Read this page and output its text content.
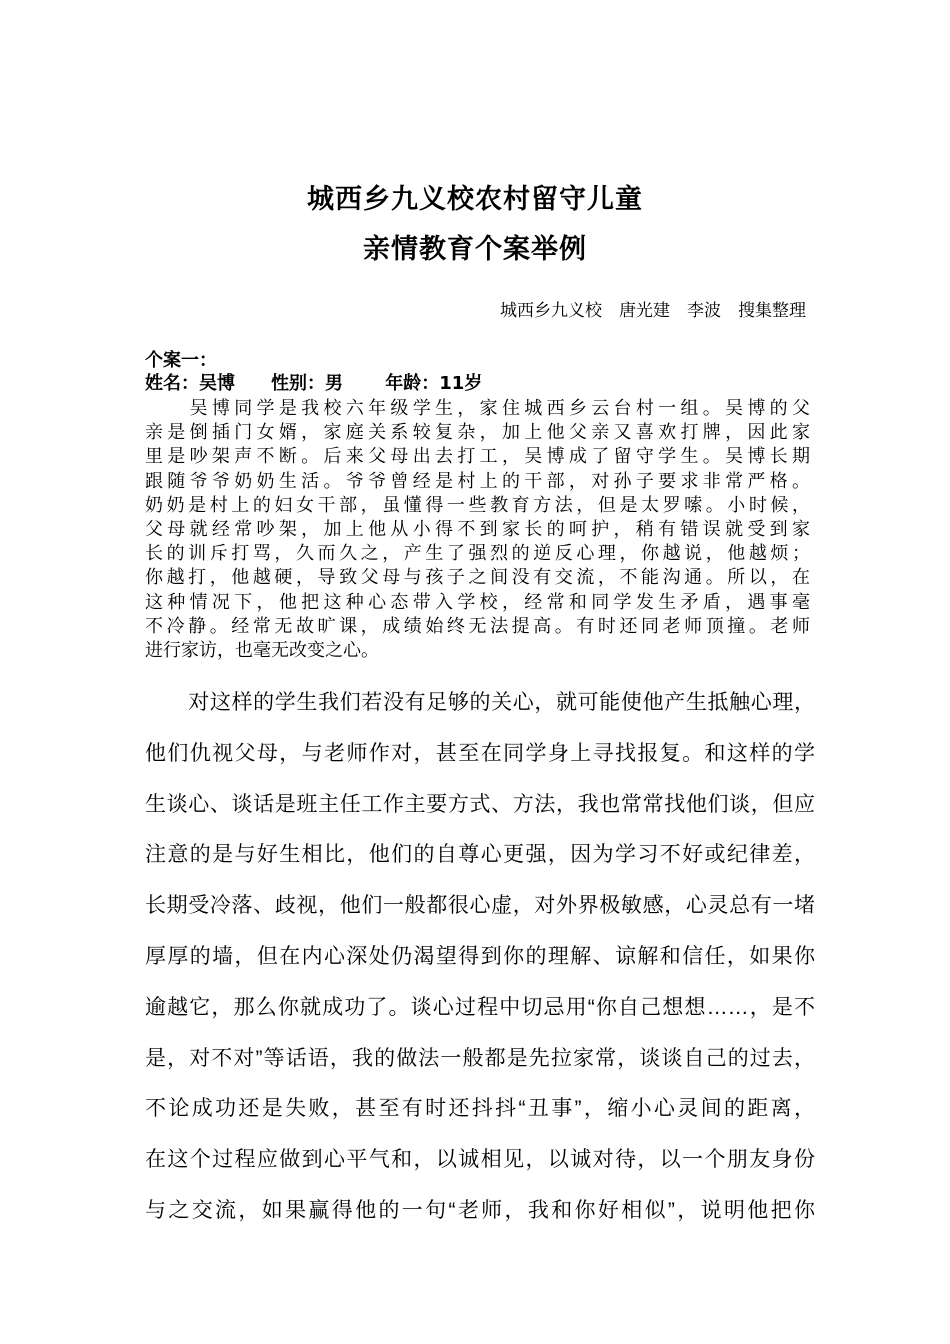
城西乡九义校农村留守儿童
亲情教育个案举例
城西乡九义校　唐光建　李波　搜集整理
个案一：
姓名：吴博　　性别：男　　 年龄：11岁
　　吴博同学是我校六年级学生，家住城西乡云台村一组。吴博的父
亲是倒插门女婿，家庭关系较复杂，加上他父亲又喜欢打牌，因此家
里是吵架声不断。后来父母出去打工，吴博成了留守学生。吴博长期
跟随爷爷奶奶生活。爷爷曾经是村上的干部，对孙子要求非常严格。
奶奶是村上的妇女干部，虽懂得一些教育方法，但是太罗嗦。小时候，
父母就经常吵架，加上他从小得不到家长的呵护，稍有错误就受到家
长的训斥打骂，久而久之，产生了强烈的逆反心理，你越说，他越烦；
你越打，他越硬，导致父母与孩子之间没有交流，不能沟通。所以，在
这种情况下，他把这种心态带入学校，经常和同学发生矛盾，遇事毫
不冷静。经常无故旷课，成绩始终无法提高。有时还同老师顶撞。老师
进行家访，也毫无改变之心。
　　对这样的学生我们若没有足够的关心，就可能使他产生抵触心理，
他们仇视父母，与老师作对，甚至在同学身上寻找报复。和这样的学
生谈心、谈话是班主任工作主要方式、方法，我也常常找他们谈，但应
注意的是与好生相比，他们的自尊心更强，因为学习不好或纪律差，
长期受冷落、歧视，他们一般都很心虚，对外界极敏感，心灵总有一堵
厚厚的墙，但在内心深处仍渴望得到你的理解、谅解和信任，如果你
逾越它，那么你就成功了。谈心过程中切忌用“你自己想想……，是不
是，对不对”等话语，我的做法一般都是先拉家常，谈谈自己的过去，
不论成功还是失败，甚至有时还抖抖“丑事”，缩小心灵间的距离，
在这个过程应做到心平气和，以诚相见，以诚对待，以一个朋友身份
与之交流，如果赢得他的一句“老师，我和你好相似”，说明他把你
